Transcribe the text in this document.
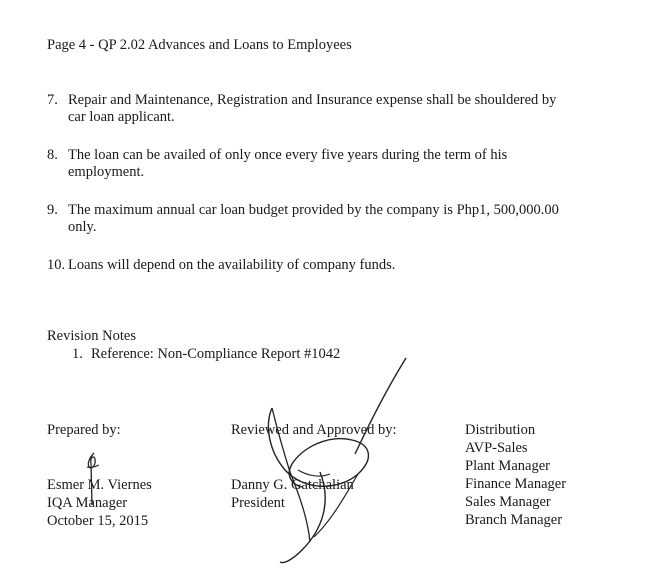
Page 4 - QP 2.02 Advances and Loans to Employees
7. Repair and Maintenance, Registration and Insurance expense shall be shouldered by
car loan applicant.
8. The loan can be availed of only once every five years during the term of his
employment.
9. The maximum annual car loan budget provided by the company is Php1, 500,000.00
only.
10. Loans will depend on the availability of company funds.
Revision Notes
1. Reference: Non-Compliance Report #1042
Prepared by:
Esmer M. Viernes
IQA Manager
October 15, 2015
Reviewed and Approved by:
Danny G. Gatchalian
President
Distribution
AVP-Sales
Plant Manager
Finance Manager
Sales Manager
Branch Manager
